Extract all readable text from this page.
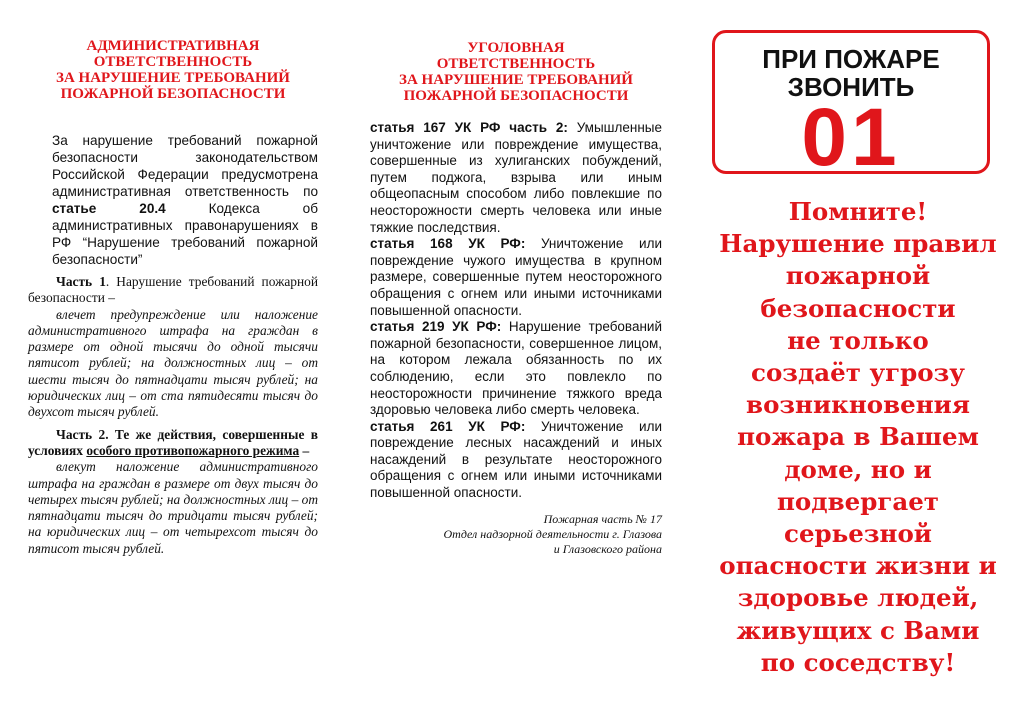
АДМИНИСТРАТИВНАЯ
ОТВЕТСТВЕННОСТЬ
ЗА НАРУШЕНИЕ ТРЕБОВАНИЙ
ПОЖАРНОЙ БЕЗОПАСНОСТИ

За нарушение требований пожарной безопасности законодательством Российской Федерации предусмотрена административная ответственность по статье 20.4 Кодекса об административных правонарушениях в РФ “Нарушение требований пожарной безопасности”

Часть 1. Нарушение требований пожарной безопасности –

влечет предупреждение или наложение административного штрафа на граждан в размере от одной тысячи до одной тысячи пятисот рублей; на должностных лиц – от шести тысяч до пятнадцати тысяч рублей; на юридических лиц – от ста пятидесяти тысяч до двухсот тысяч рублей.

Часть 2. Те же действия, совершенные в условиях особого противопожарного режима –

влекут наложение административного штрафа на граждан в размере от двух тысяч до четырех тысяч рублей; на должностных лиц – от пятнадцати тысяч до тридцати тысяч рублей; на юридических лиц – от четырехсот тысяч до пятисот тысяч рублей.

УГОЛОВНАЯ
ОТВЕТСТВЕННОСТЬ
ЗА НАРУШЕНИЕ ТРЕБОВАНИЙ
ПОЖАРНОЙ БЕЗОПАСНОСТИ

статья 167 УК РФ часть 2: Умышленные уничтожение или повреждение имущества, совершенные из хулиганских побуждений, путем поджога, взрыва или иным общеопасным способом либо повлекшие по неосторожности смерть человека или иные тяжкие последствия.

статья 168 УК РФ: Уничтожение или повреждение чужого имущества в крупном размере, совершенные путем неосторожного обращения с огнем или иными источниками повышенной опасности.

статья 219 УК РФ: Нарушение требований пожарной безопасности, совершенное лицом, на котором лежала обязанность по их соблюдению, если это повлекло по неосторожности причинение тяжкого вреда здоровью человека либо смерть человека.

статья 261 УК РФ: Уничтожение или повреждение лесных насаждений и иных насаждений в результате неосторожного обращения с огнем или иными источниками повышенной опасности.

Пожарная часть № 17
Отдел надзорной деятельности г. Глазова
и Глазовского района
ПРИ ПОЖАРЕ
ЗВОНИТЬ
01

Помните!
Нарушение правил
пожарной
безопасности
не только
создаёт угрозу
возникновения
пожара в Вашем
доме, но и
подвергает
серьезной
опасности жизни и
здоровье людей,
живущих с Вами
по соседству!
